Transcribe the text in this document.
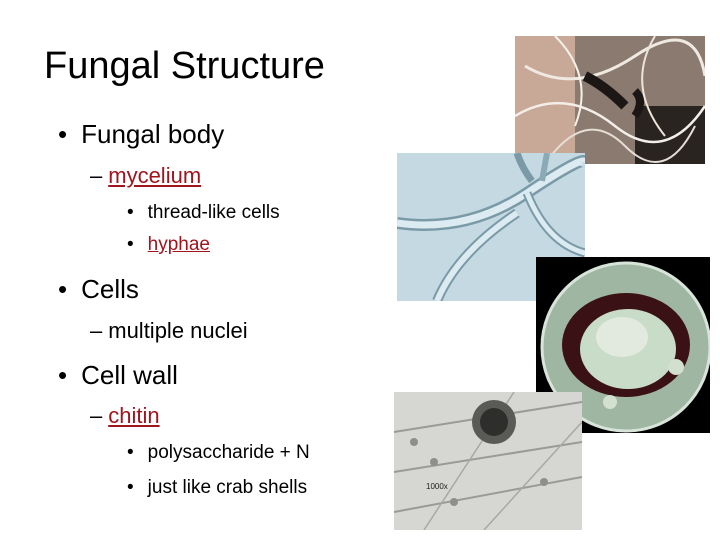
Fungal Structure
• Fungal body
– mycelium
• thread-like cells
• hyphae
• Cells
– multiple nuclei
• Cell wall
– chitin
• polysaccharide + N
• just like crab shells	1000x
